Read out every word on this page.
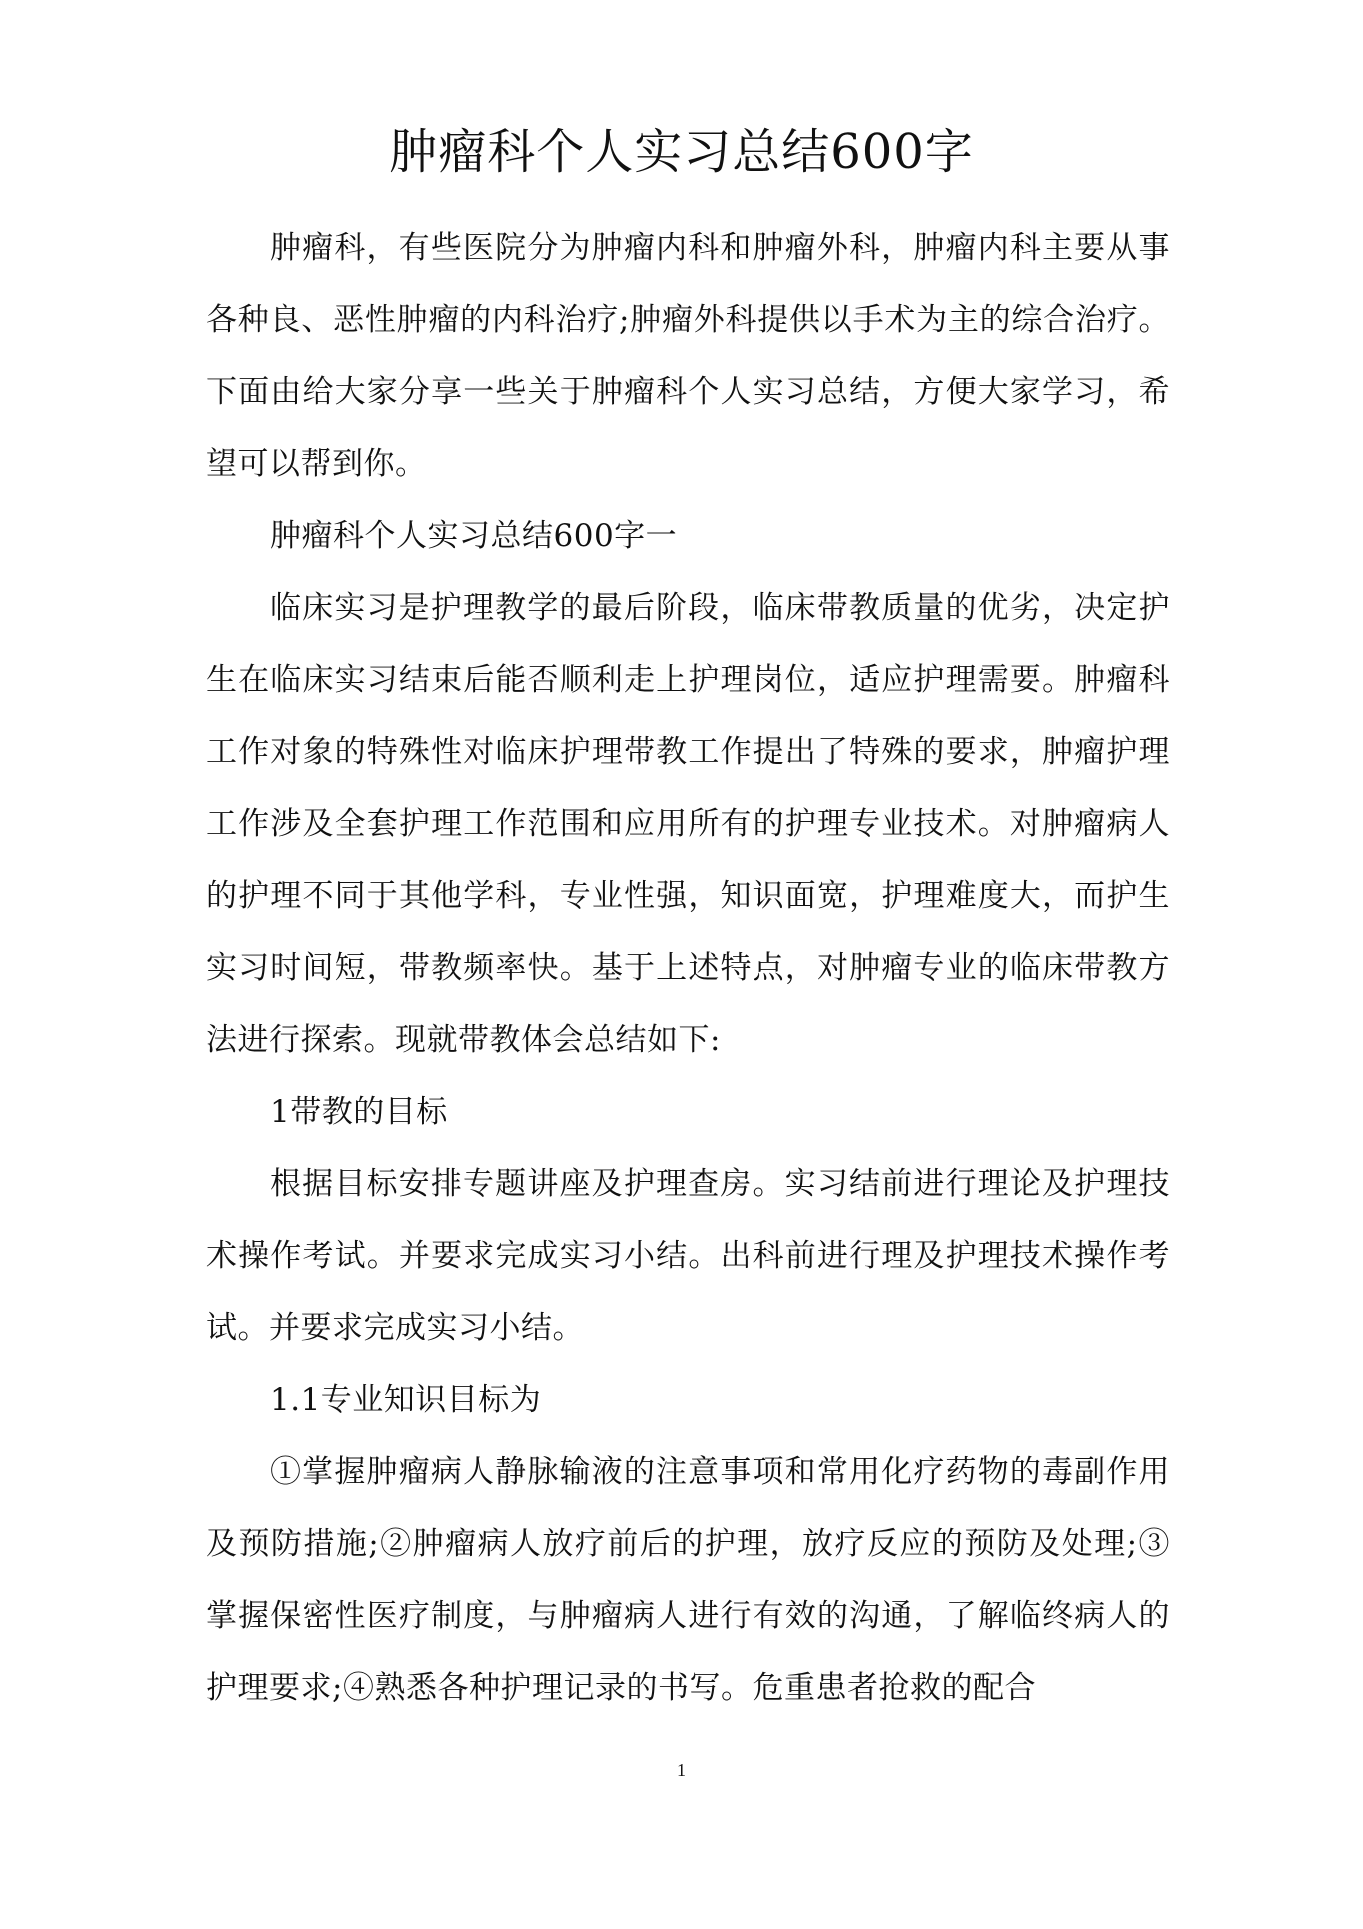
肿瘤科个人实习总结600字

肿瘤科，有些医院分为肿瘤内科和肿瘤外科，肿瘤内科主要从事各种良、恶性肿瘤的内科治疗;肿瘤外科提供以手术为主的综合治疗。下面由给大家分享一些关于肿瘤科个人实习总结，方便大家学习，希望可以帮到你。

肿瘤科个人实习总结600字一

临床实习是护理教学的最后阶段，临床带教质量的优劣，决定护生在临床实习结束后能否顺利走上护理岗位，适应护理需要。肿瘤科工作对象的特殊性对临床护理带教工作提出了特殊的要求，肿瘤护理工作涉及全套护理工作范围和应用所有的护理专业技术。对肿瘤病人的护理不同于其他学科，专业性强，知识面宽，护理难度大，而护生实习时间短，带教频率快。基于上述特点，对肿瘤专业的临床带教方法进行探索。现就带教体会总结如下:

1带教的目标

根据目标安排专题讲座及护理查房。实习结前进行理论及护理技术操作考试。并要求完成实习小结。出科前进行理及护理技术操作考试。并要求完成实习小结。

1.1专业知识目标为

①掌握肿瘤病人静脉输液的注意事项和常用化疗药物的毒副作用及预防措施;②肿瘤病人放疗前后的护理，放疗反应的预防及处理;③掌握保密性医疗制度，与肿瘤病人进行有效的沟通，了解临终病人的护理要求;④熟悉各种护理记录的书写。危重患者抢救的配合

1
